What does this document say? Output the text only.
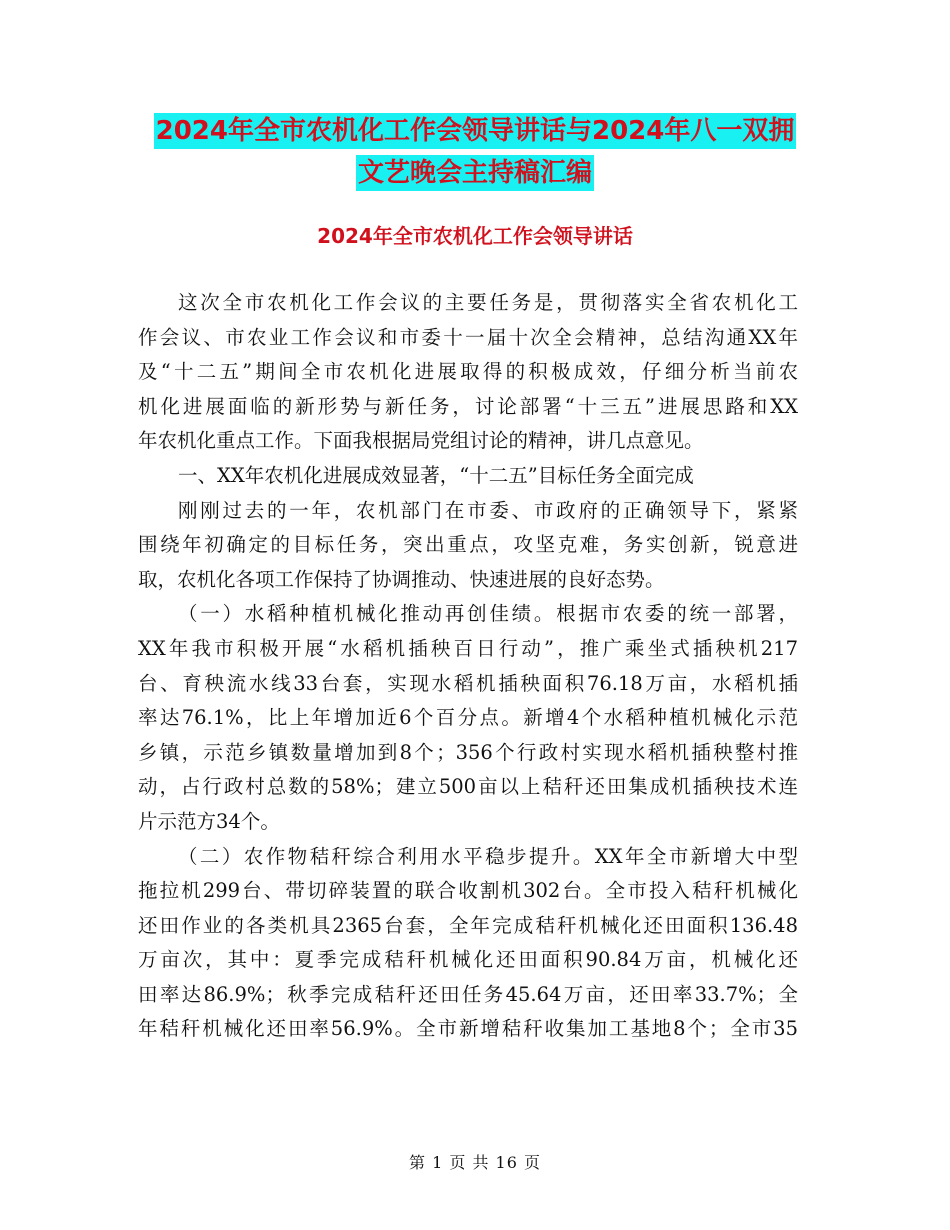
2024年全市农机化工作会领导讲话与2024年八一双拥
文艺晚会主持稿汇编
2024年全市农机化工作会领导讲话
这次全市农机化工作会议的主要任务是，贯彻落实全省农机化工
作会议、市农业工作会议和市委十一届十次全会精神，总结沟通XX年
及“十二五”期间全市农机化进展取得的积极成效，仔细分析当前农
机化进展面临的新形势与新任务，讨论部署“十三五”进展思路和XX
年农机化重点工作。下面我根据局党组讨论的精神，讲几点意见。
一、XX年农机化进展成效显著，“十二五”目标任务全面完成
刚刚过去的一年，农机部门在市委、市政府的正确领导下，紧紧
围绕年初确定的目标任务，突出重点，攻坚克难，务实创新，锐意进
取，农机化各项工作保持了协调推动、快速进展的良好态势。
（一）水稻种植机械化推动再创佳绩。根据市农委的统一部署，
XX年我市积极开展“水稻机插秧百日行动”，推广乘坐式插秧机217
台、育秧流水线33台套，实现水稻机插秧面积76.18万亩，水稻机插
率达76.1%，比上年增加近6个百分点。新增4个水稻种植机械化示范
乡镇，示范乡镇数量增加到8个；356个行政村实现水稻机插秧整村推
动，占行政村总数的58%；建立500亩以上秸秆还田集成机插秧技术连
片示范方34个。
（二）农作物秸秆综合利用水平稳步提升。XX年全市新增大中型
拖拉机299台、带切碎装置的联合收割机302台。全市投入秸秆机械化
还田作业的各类机具2365台套，全年完成秸秆机械化还田面积136.48
万亩次，其中：夏季完成秸秆机械化还田面积90.84万亩，机械化还
田率达86.9%；秋季完成秸秆还田任务45.64万亩，还田率33.7%；全
年秸秆机械化还田率56.9%。全市新增秸秆收集加工基地8个；全市35
第 1 页 共 16 页
